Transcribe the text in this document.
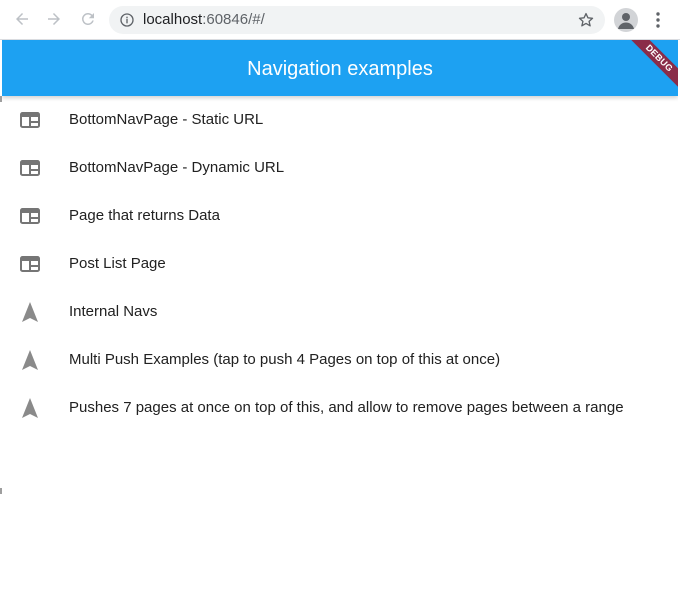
localhost:60846/#/
Navigation examples	DEBUG
BottomNavPage - Static URL
BottomNavPage - Dynamic URL
Page that returns Data
Post List Page
Internal Navs
Multi Push Examples (tap to push 4 Pages on top of this at once)
Pushes 7 pages at once on top of this, and allow to remove pages between a range
